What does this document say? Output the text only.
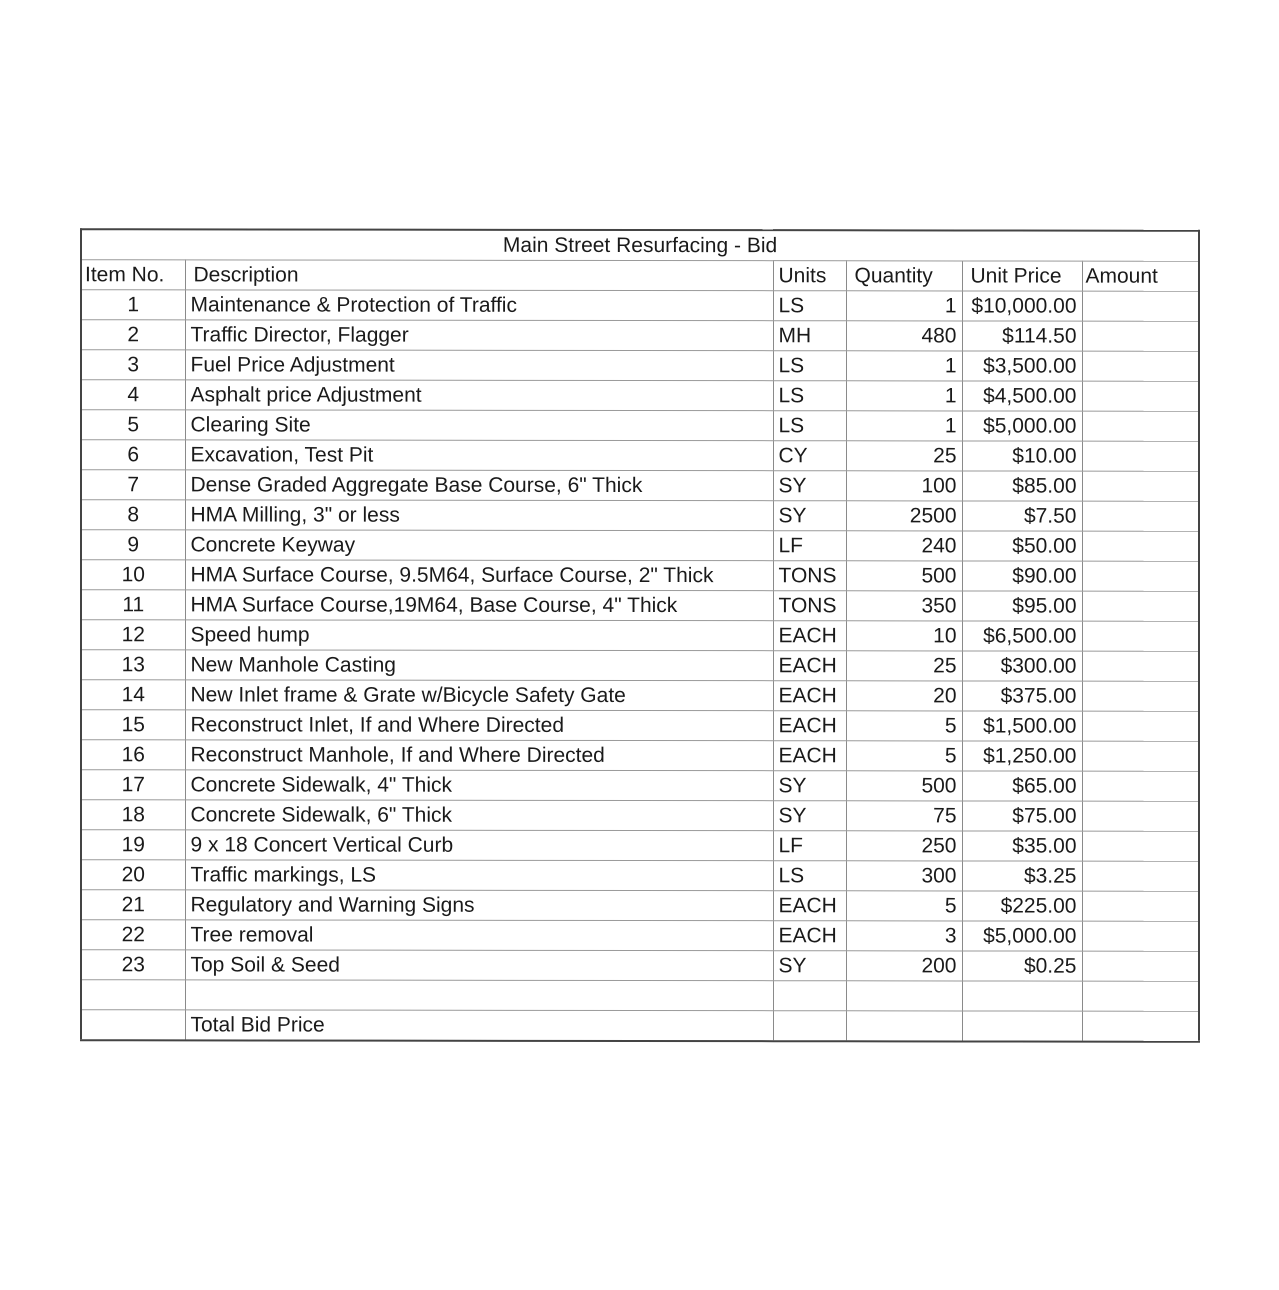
Main Street Resurfacing - Bid					
Item No.	Description	Units	Quantity	Unit Price	Amount
1	Maintenance & Protection of Traffic	LS	1	$10,000.00	
2	Traffic Director, Flagger	MH	480	$114.50	
3	Fuel Price Adjustment	LS	1	$3,500.00	
4	Asphalt price Adjustment	LS	1	$4,500.00	
5	Clearing Site	LS	1	$5,000.00	
6	Excavation, Test Pit	CY	25	$10.00	
7	Dense Graded Aggregate Base Course, 6" Thick	SY	100	$85.00	
8	HMA Milling, 3" or less	SY	2500	$7.50	
9	Concrete Keyway	LF	240	$50.00	
10	HMA Surface Course, 9.5M64, Surface Course, 2" Thick	TONS	500	$90.00	
11	HMA Surface Course,19M64, Base Course, 4" Thick	TONS	350	$95.00	
12	Speed hump	EACH	10	$6,500.00	
13	New Manhole Casting	EACH	25	$300.00	
14	New Inlet frame & Grate w/Bicycle Safety Gate	EACH	20	$375.00	
15	Reconstruct Inlet, If and Where Directed	EACH	5	$1,500.00	
16	Reconstruct Manhole, If and Where Directed	EACH	5	$1,250.00	
17	Concrete Sidewalk, 4" Thick	SY	500	$65.00	
18	Concrete Sidewalk, 6" Thick	SY	75	$75.00	
19	9 x 18 Concert Vertical Curb	LF	250	$35.00	
20	Traffic markings, LS	LS	300	$3.25	
21	Regulatory and Warning Signs	EACH	5	$225.00	
22	Tree removal	EACH	3	$5,000.00	
23	Top Soil & Seed	SY	200	$0.25	

	Total Bid Price				
